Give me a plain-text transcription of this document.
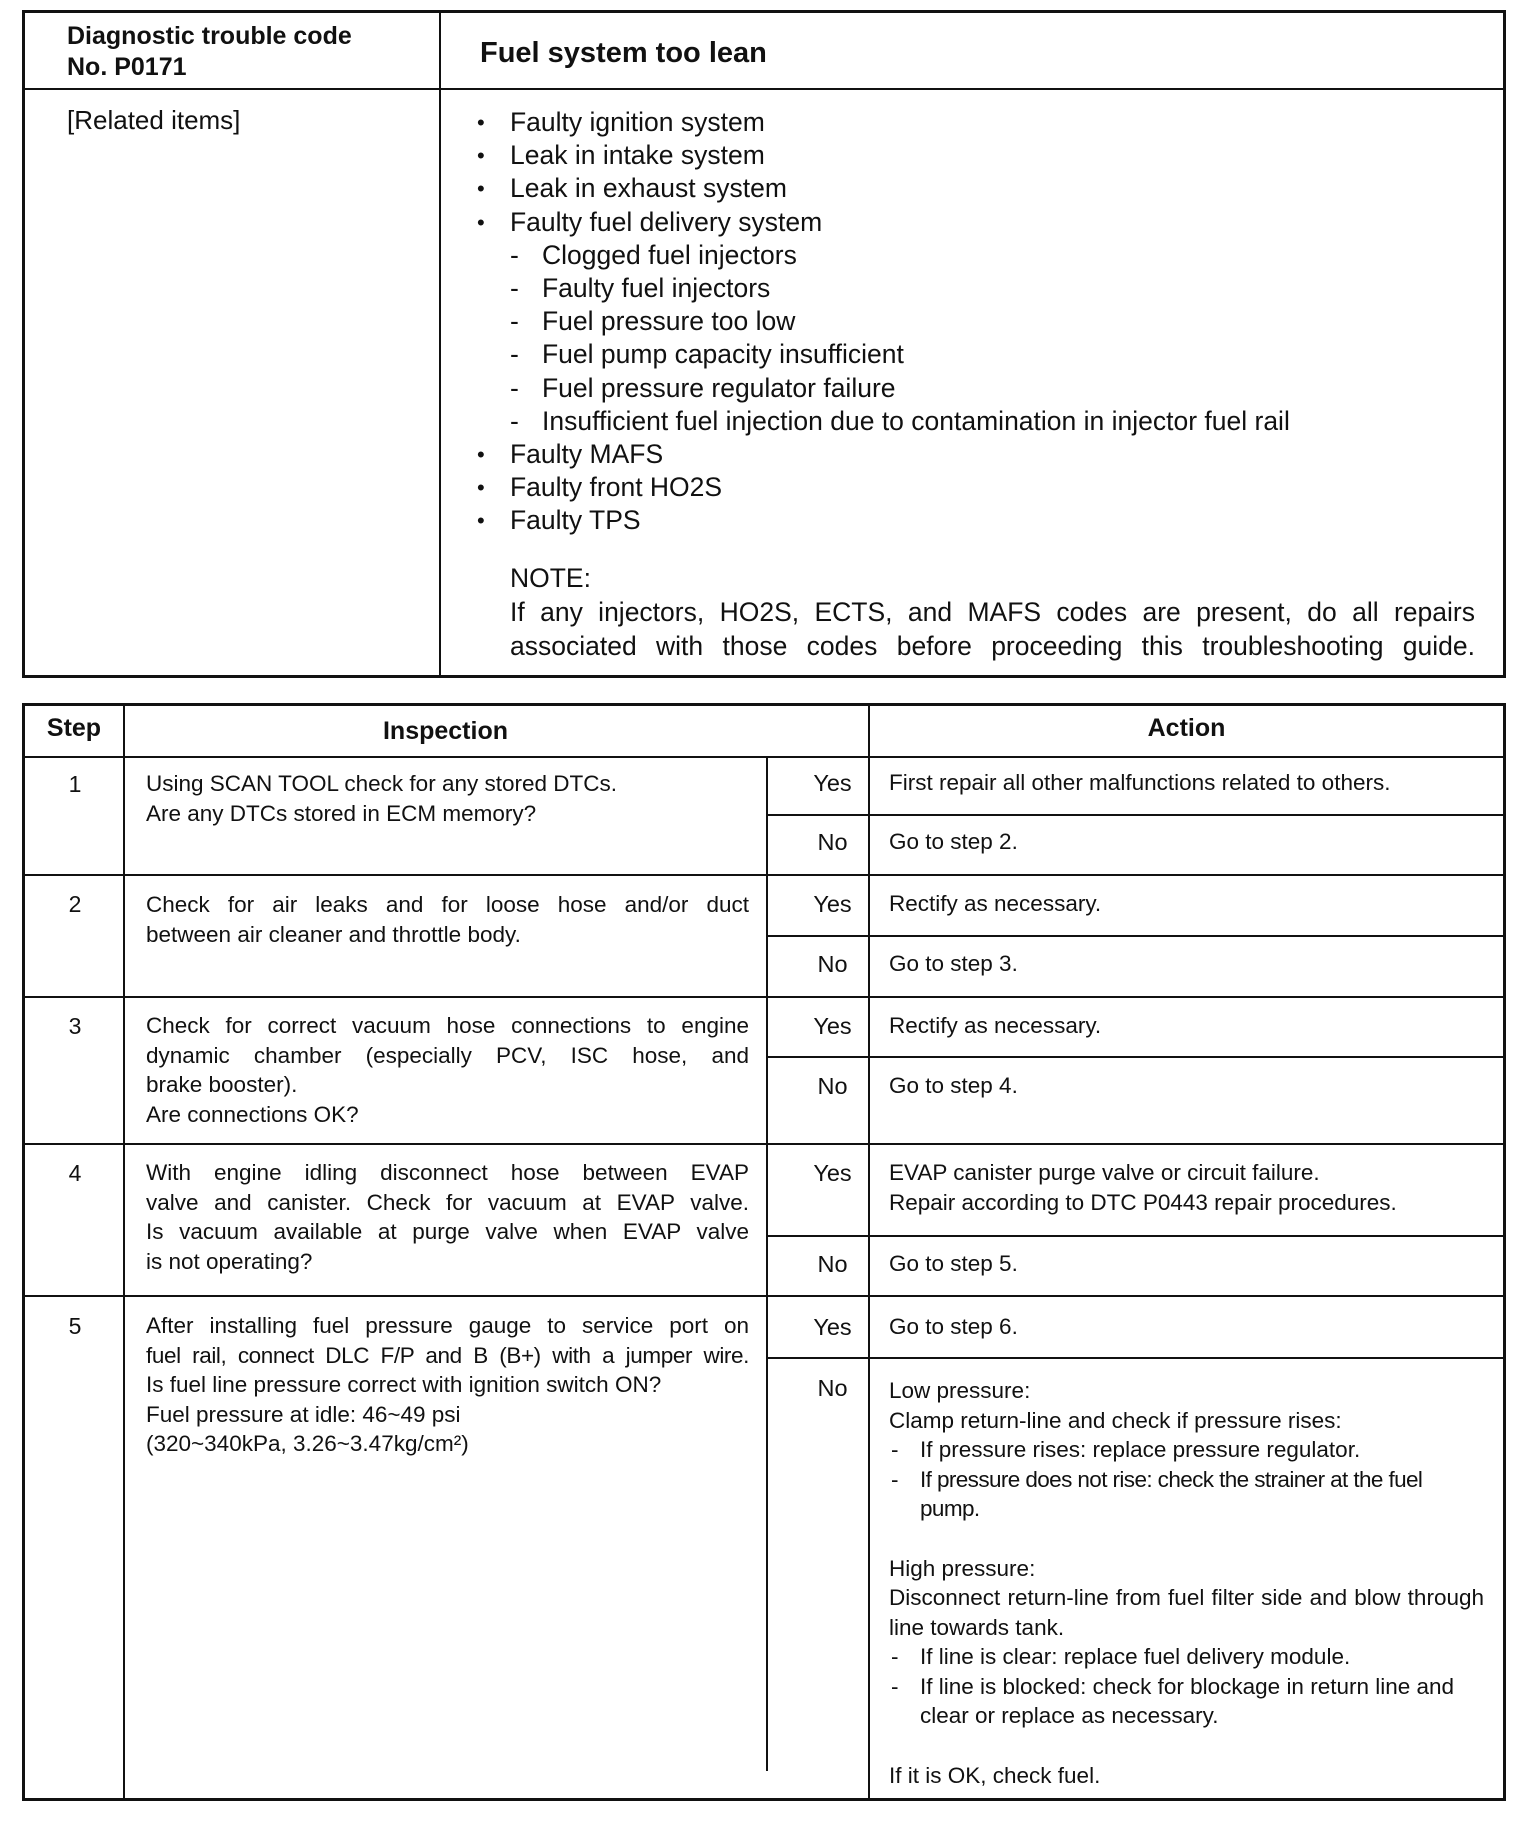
Diagnostic trouble code
No. P0171	Fuel system too lean
[Related items]	• Faulty ignition system
• Leak in intake system
• Leak in exhaust system
• Faulty fuel delivery system
- Clogged fuel injectors
- Faulty fuel injectors
- Fuel pressure too low
- Fuel pump capacity insufficient
- Fuel pressure regulator failure
- Insufficient fuel injection due to contamination in injector fuel rail
• Faulty MAFS
• Faulty front HO2S
• Faulty TPS
NOTE:
If any injectors, HO2S, ECTS, and MAFS codes are present, do all repairs
associated with those codes before proceeding this troubleshooting guide.
Step	Inspection	Action
1	Using SCAN TOOL check for any stored DTCs.
Are any DTCs stored in ECM memory?
Yes	First repair all other malfunctions related to others.
No	Go to step 2.
2	Check for air leaks and for loose hose and/or duct
between air cleaner and throttle body.
Yes	Rectify as necessary.
No	Go to step 3.
3	Check for correct vacuum hose connections to engine
dynamic chamber (especially PCV, ISC hose, and
brake booster).
Are connections OK?
Yes	Rectify as necessary.
No	Go to step 4.
4	With engine idling disconnect hose between EVAP
valve and canister. Check for vacuum at EVAP valve.
Is vacuum available at purge valve when EVAP valve
is not operating?
Yes	EVAP canister purge valve or circuit failure.
Repair according to DTC P0443 repair procedures.
No	Go to step 5.
5	After installing fuel pressure gauge to service port on
fuel rail, connect DLC F/P and B (B+) with a jumper wire.
Is fuel line pressure correct with ignition switch ON?
Fuel pressure at idle: 46~49 psi
(320~340kPa, 3.26~3.47kg/cm²)
Yes	Go to step 6.
No	Low pressure:
Clamp return-line and check if pressure rises:
- If pressure rises: replace pressure regulator.
- If pressure does not rise: check the strainer at the fuel pump.
High pressure:
Disconnect return-line from fuel filter side and blow through line towards tank.
- If line is clear: replace fuel delivery module.
- If line is blocked: check for blockage in return line and clear or replace as necessary.
If it is OK, check fuel.
